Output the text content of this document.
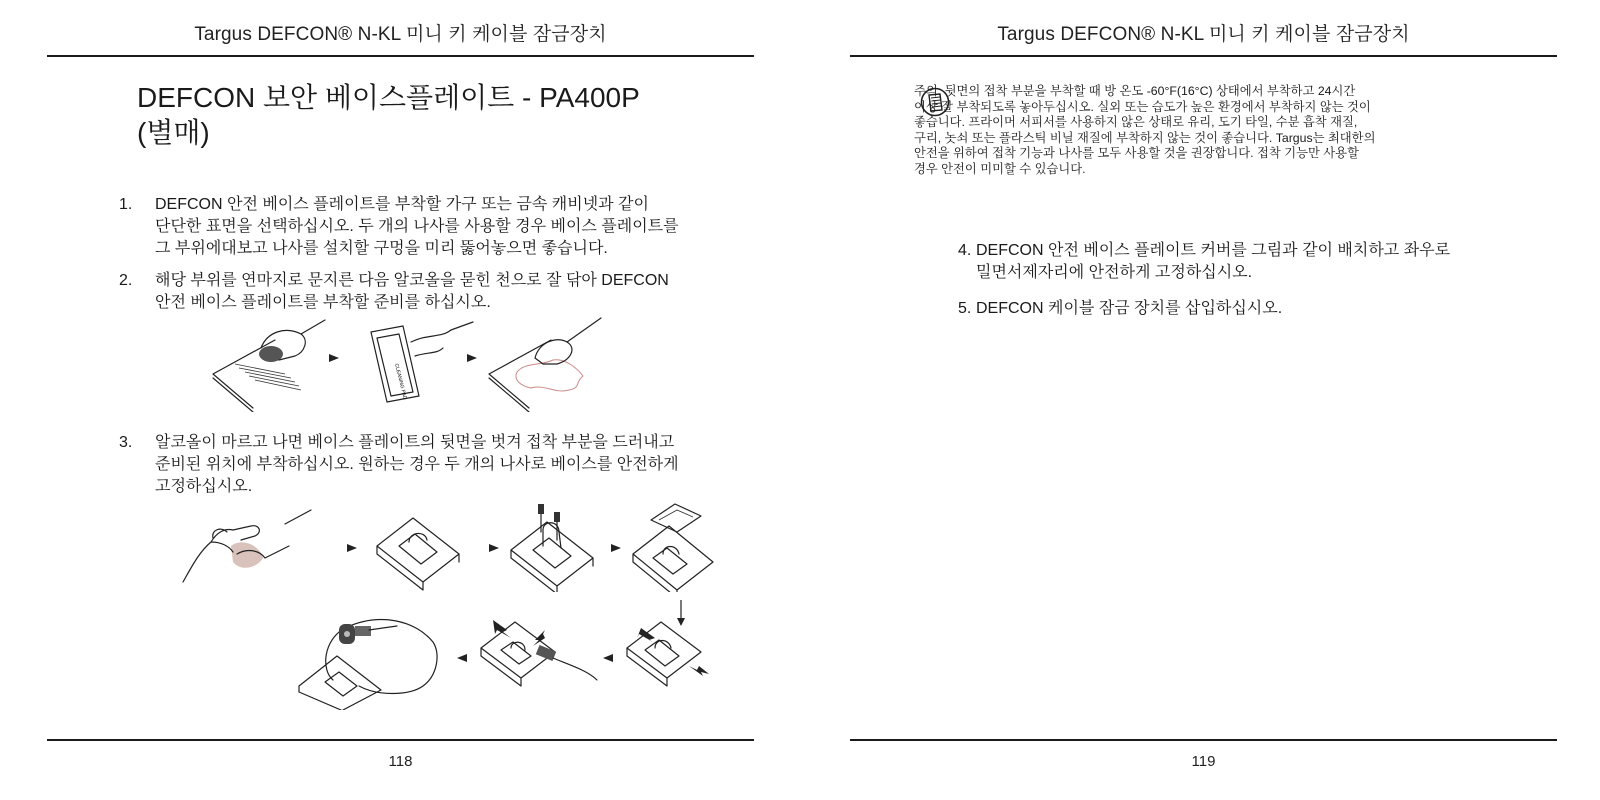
Targus DEFCON® N-KL 미니 키 케이블 잠금장치
DEFCON 보안 베이스플레이트 - PA400P
(별매)

1. DEFCON 안전 베이스 플레이트를 부착할 가구 또는 금속 캐비넷과 같이
단단한 표면을 선택하십시오. 두 개의 나사를 사용할 경우 베이스 플레이트를
그 부위에대보고 나사를 설치할 구멍을 미리 뚫어놓으면 좋습니다.

2. 해당 부위를 연마지로 문지른 다음 알코올을 묻힌 천으로 잘 닦아 DEFCON
안전 베이스 플레이트를 부착할 준비를 하십시오.

CLEANING PAD

3. 알코올이 마르고 나면 베이스 플레이트의 뒷면을 벗겨 접착 부분을 드러내고
준비된 위치에 부착하십시오. 원하는 경우 두 개의 나사로 베이스를 안전하게
고정하십시오.

118
Targus DEFCON® N-KL 미니 키 케이블 잠금장치

주의: 뒷면의 접착 부분을 부착할 때 방 온도 -60°F(16°C) 상태에서 부착하고 24시간
이상 잘 부착되도록 놓아두십시오. 실외 또는 습도가 높은 환경에서 부착하지 않는 것이
좋습니다. 프라이머 서피서를 사용하지 않은 상태로 유리, 도기 타일, 수분 흡착 재질,
구리, 놋쇠 또는 플라스틱 비닐 재질에 부착하지 않는 것이 좋습니다. Targus는 최대한의
안전을 위하여 접착 기능과 나사를 모두 사용할 것을 권장합니다. 접착 기능만 사용할
경우 안전이 미미할 수 있습니다.

4. DEFCON 안전 베이스 플레이트 커버를 그림과 같이 배치하고 좌우로
밀면서제자리에 안전하게 고정하십시오.

5. DEFCON 케이블 잠금 장치를 삽입하십시오.

119
